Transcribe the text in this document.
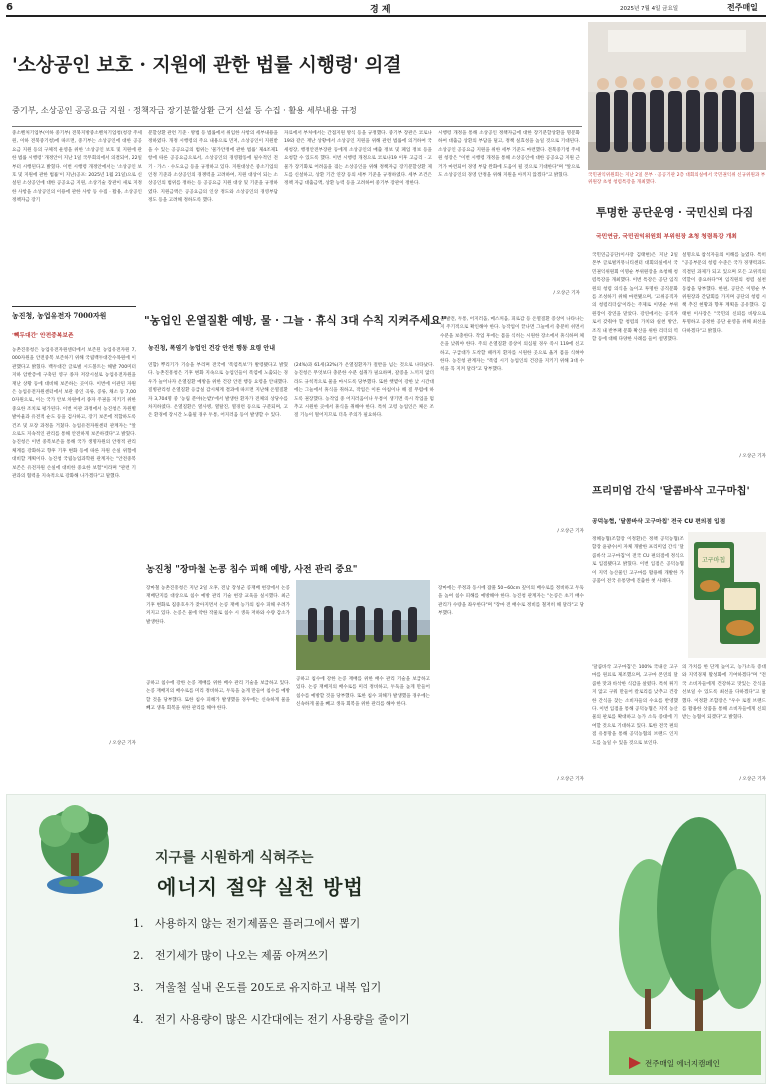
6	경 제	2025년 7월 4일 금요일	전주매일
'소상공인 보호 · 지원에 관한 법률 시행령' 의결
중기부, 소상공인 공공요금 지원 · 정책자금 장기분할상환 근거 신설 등 수집 · 활용 세부내용 규정
중소벤처기업부(이하 중기부) 전북지방중소벤처기업청(청장 주세원, 이하 전북중기청)에 따르면, 중기부는 소상공인에 대한 공공요금 지원 등의 구체적 운영을 위한 '소상공인 보호 및 지원에 관한 법률 시행령' 개정안이 지난 1일 국무회의에서 의결되어, 22일부터 시행된다고 밝혔다. 이번 시행령 개정안에서는 '소상공인 보호 및 지원에 관한 법률'이 지난(공포: 2025년 1월 21일)으로 신설된 소상공인에 대한 공공요금 지원, 소상기술 장관이 새로 지정한 사항을 소상공인의 이용에 관한 사항 등 수집 · 활용, 소상공인 정책자금 장기
분할상환 관련 기준 · 방법 등 법률에서 위임한 사항의 세부내용을 정하였다. 개정 시행령의 주요 내용으로 먼저, 소상공인이 지원받을 수 있는 공공요금의 범위는 '물가안정에 관한 법률' 제4조제1항에 따른 공공요금으로서, 소상공인의 경영활동에 필수적인 전기 · 가스 · 수도요금 등을 규정하고 있다. 지원대상은 중소기업의 인정 기준과 소상공인의 경쟁력을 고려하여, 지원 대상이 되는 소상공인의 범위를 정하는 등 공공요금 지원 대상 및 기준을 규정하였다. 지원금액은 공공요금의 인상 정도와 소상공인의 경영부담 정도 등을 고려해 정하도록 했다.
자료에서 부처에서는 간접지원 방식 등을 규정했다. 중기부 장관은 코로나19와 같은 재난 상황에서 소상공인 지원을 위해 관련 법률에 의거하여 국세청장, 행정안전부장관 등에게 소상공인의 매출 정보 및 폐업 정보 등을 요청할 수 있도록 했다. 이번 시행령 개정으로 코로나19 이후 고금리 · 고물가 장기화로 어려움을 겪는 소상공인을 위해 정책자금 장기분할상환 제도를 신설하고, 상환 기간 연장 등의 세부 기준을 규정하였다. 세부 조건은 정책 자금 대출금액, 상환 능력 등을 고려하여 중기부 장관이 정한다.
시행령 개정을 통해 소상공인 정책자금에 대한 장기분할상환을 명문화하여 대출금 상환의 부담을 덜고, 정책 실효성을 높일 것으로 기대된다. 소상공인 공공요금 지원을 위한 세부 기준도 마련했다. 전북중기청 주세원 청장은 "이번 시행령 개정을 통해 소상공인에 대한 공공요금 지원 근거가 마련되어 경영 부담 완화에 도움이 될 것으로 기대한다"며 "앞으로도 소상공인의 경영 안정을 위해 지원을 아끼지 않겠다"고 밝혔다.
/ 오상근 기자
국민권익위원회는 지난 2일 본부 · 공공기관 2층 대회의실에서 국민권익위 신규위원과 부위원장 초청 청렴특강을 개최했다.
투명한 공단운영 · 국민신뢰 다짐
국민연금, 국민권익위원회 부위원장 초청 청렴특강 개최
국민연금공단(이사장 김태현)은 지난 2일 본부 글로벌커뮤니티센터 대회의실에서 국민권익위원회 이명순 부위원장을 초청해 청렴특강을 개최했다. 이번 특강은 공단 임직원의 청렴 의식을 높이고 투명한 공직문화를 조성하기 위해 마련됐으며, '고위공직자의 청렴리더십'이라는 주제로 이명순 부위원장이 강연을 맡았다. 강연에서는 공직자로서 갖춰야 할 청렴의 가치와 실천 방안, 조직 내 반부패 문화 확산을 위한 리더의 역할 등에 대해 다양한 사례를 들어 설명했다.
설명으로 참석자들의 이해를 높였다. 특히 "공공부문의 청렴 수준은 국가 경쟁력과도 직결된 과제가 되고 있으며 모든 고위직의 역할이 중요하다"며 임직원의 청렴 실천 동참을 당부했다. 한편, 공단은 이명순 부위원장과 간담회를 가지며 공단의 청렴 시책 추진 현황과 향후 계획을 공유했다. 김태현 이사장은 "국민의 신뢰를 바탕으로 투명하고 공정한 공단 운영을 위해 최선을 다하겠다"고 밝혔다.
/ 오상근 기자
농진청, 농업유전자 7000자원
'빽두대간' 안전중복보존
농촌진흥청은 농업유전자원센터에서 보존된 농업유전자원 7,000자원을 안전중복 보존하기 위해 국립백두대간수목원에 이관했다고 밝혔다. 백두대간 글로벌 시드볼트는 해발 700미터 지하 암반층에 구축된 영구 종자 저장시설로 농업유전자원을 재난 상황 등에 대비해 보존하는 곳이다. 이번에 이관된 자원은 농업유전자원센터에서 보관 중인 곡류, 콩류, 채소 등 7,000자원으로, 이는 국가 안보 차원에서 종자 주권을 지키기 위한 중요한 조치로 평가된다. 이번 이관 과정에서 농진청은 자원별 발아율과 유전적 순도 등을 검사하고, 장기 보존에 적합하도록 건조 및 포장 과정을 거쳤다. 농업유전자원센터 관계자는 "앞으로도 지속적인 관리를 통해 안전하게 보존하겠다"고 밝혔다. 농진청은 이번 중복보존을 통해 국가 생명자원의 안정적 관리 체계를 강화하고 향후 기후 변화 등에 따른 자원 손실 위험에 대비할 계획이다. 농진청 국립농업과학원 관계자는 "안전중복 보존은 유전자원 손실에 대비한 중요한 보험"이라며 "관련 기관과의 협력을 지속적으로 강화해 나가겠다"고 말했다.
/ 오상근 기자
"농업인 온열질환 예방, 물 · 그늘 · 휴식 3대 수칙 지켜주세요"
농진청, 폭염기 농업인 건강 안전 행동 요령 안내
연합) 뿌리기가 기승을 부리며 전국에 '폭염특보'가 발령됐다고 밝혔다. 농촌진흥청은 기후 변화 지속으로 농업인들이 폭염에 노출되는 경우가 늘어나자 온열질환 예방을 위한 건강 안전 행동 요령을 안내했다. 질병관리청 온열질환 응급실 감시체계 결과에 따르면 지난해 온열질환자 3,704명 중 '농림 분야(논밭)'에서 발생한 환자가 전체의 상당수를 차지하였다. 온열질환은 열사병, 열탈진, 열경련 등으로 구분되며, 고온 환경에 장시간 노출될 경우 두통, 어지러움 등이 발생할 수 있다.
(24%)과 61세(32%)가 온열질환자가 절반을 넘는 것으로 나타났다. 농진청은 무엇보다 충분한 수분 섭취가 필요하며, 갈증을 느끼지 않더라도 규칙적으로 물을 마시도록 당부했다. 또한 햇볕이 강한 낮 시간대에는 그늘에서 휴식을 취하고, 작업은 이른 아침이나 해 질 무렵에 하도록 권장했다. 농작업 중 어지러움이나 두통이 생기면 즉시 작업을 멈추고 시원한 곳에서 휴식을 취해야 한다. 특히 고령 농업인은 체온 조절 기능이 떨어지므로 더욱 주의가 필요하다.
을 발견, 두통, 어지러움, 메스꺼움, 피로감 등 온열질환 증상이 나타나는지 주기적으로 확인해야 한다. 농작업이 끝나면 그늘에서 충분히 쉬면서 수분을 보충한다. 작업 후에는 몸을 식히는 시원한 장소에서 휴식하며 체온을 낮춰야 한다. 주의 온열질환 증상이 의심될 경우 즉시 119에 신고하고, 구급대가 도착할 때까지 환자를 시원한 곳으로 옮겨 몸을 식혀야 한다. 농진청 관계자는 "폭염 시기 농업인의 건강을 지키기 위해 3대 수칙을 꼭 지켜 달라"고 당부했다.
/ 오상근 기자
프리미엄 간식 '달콤바삭 고구마칩'
공덕농협, '달콤바삭 고구마칩' 전국 CU 편의점 입점
정혜농협(조합장 이정환)은 정책 공덕농협(조합장 윤광수)이 자체 개발한 프리미엄 간식 '달콤바삭 고구마칩'이 전국 CU 편의점에 정식으로 입점됐다고 밝혔다. 이번 입점은 공덕농협이 지역 농산물인 고구마를 활용해 개발한 가공품이 전국 유통망에 진출한 첫 사례다.
고구마칩
'달콤바삭 고구마칩'은 100% 국내산 고구마를 원료로 제조했으며, 고구마 본연의 달콤한 맛과 바삭한 식감을 살렸다. 특히 튀기지 않고 구워 만들어 칼로리를 낮추고 건강한 간식을 찾는 소비자들의 수요를 반영했다. 이번 입점을 통해 공덕농협은 지역 농산물의 판로를 확대하고 농가 소득 증대에 기여할 것으로 기대하고 있다. 또한 전국 편의점 유통망을 통해 공덕농협의 브랜드 인지도를 높일 수 있을 것으로 보인다.
의 가치를 한 단계 높이고, 농가소득 증대와 지역경제 활성화에 기여하겠다"며 "전국 소비자들에게 건강하고 맛있는 간식을 선보일 수 있도록 최선을 다하겠다"고 말했다. 이정환 조합장은 "우수 로컬 브랜드를 활용한 상품을 통해 소비자들에게 신뢰받는 농협이 되겠다"고 밝혔다.
/ 오상근 기자
농진청 "장마철 논콩 침수 피해 예방, 사전 관리 중요"
장마철 농촌진흥청은 지난 2일 오후, 전남 장성군 콩재배 현장에서 논콩 재배단지를 대상으로 침수 예방 관리 기술 현장 교육을 실시했다. 최근 기후 변화로 집중호우가 잦아지면서 논콩 재배 농가의 침수 피해 우려가 커지고 있다. 논콩은 물에 약한 작물로 침수 시 생육 저하와 수량 감소가 발생한다.
공하고 침수에 강한 논콩 재배를 위한 배수 관리 기술을 보급하고 있다. 논콩 재배지의 배수로를 미리 정비하고, 두둑을 높게 만들어 침수를 예방할 것을 당부했다. 또한 침수 피해가 발생했을 경우에는 신속하게 물을 빼고 생육 회복을 위한 관리를 해야 한다.
장마에는 주정과 동시에 잡풀 50~60cm 깊이의 배수로를 정비하고 두둑을 높여 침수 피해를 예방해야 한다. 농진청 관계자는 "논콩은 초기 배수 관리가 수량을 좌우한다"며 "장마 전 배수로 정비를 철저히 해 달라"고 당부했다.
/ 오상근 기자
공하고 침수에 강한 논콩 재배를 위한 배수 관리 기술을 보급하고 있다. 논콩 재배지의 배수로를 미리 정비하고, 두둑을 높게 만들어 침수를 예방할 것을 당부했다. 또한 침수 피해가 발생했을 경우에는 신속하게 물을 빼고 생육 회복을 위한 관리를 해야 한다.
지구를 시원하게 식혀주는
에너지 절약 실천 방법
1.	사용하지 않는 전기제품은 플러그에서 뽑기
2.	전기세가 많이 나오는 제품 아껴쓰기
3.	겨울철 실내 온도를 20도로 유지하고 내복 입기
4.	전기 사용량이 많은 시간대에는 전기 사용량을 줄이기
전주매일 에너지캠페인
